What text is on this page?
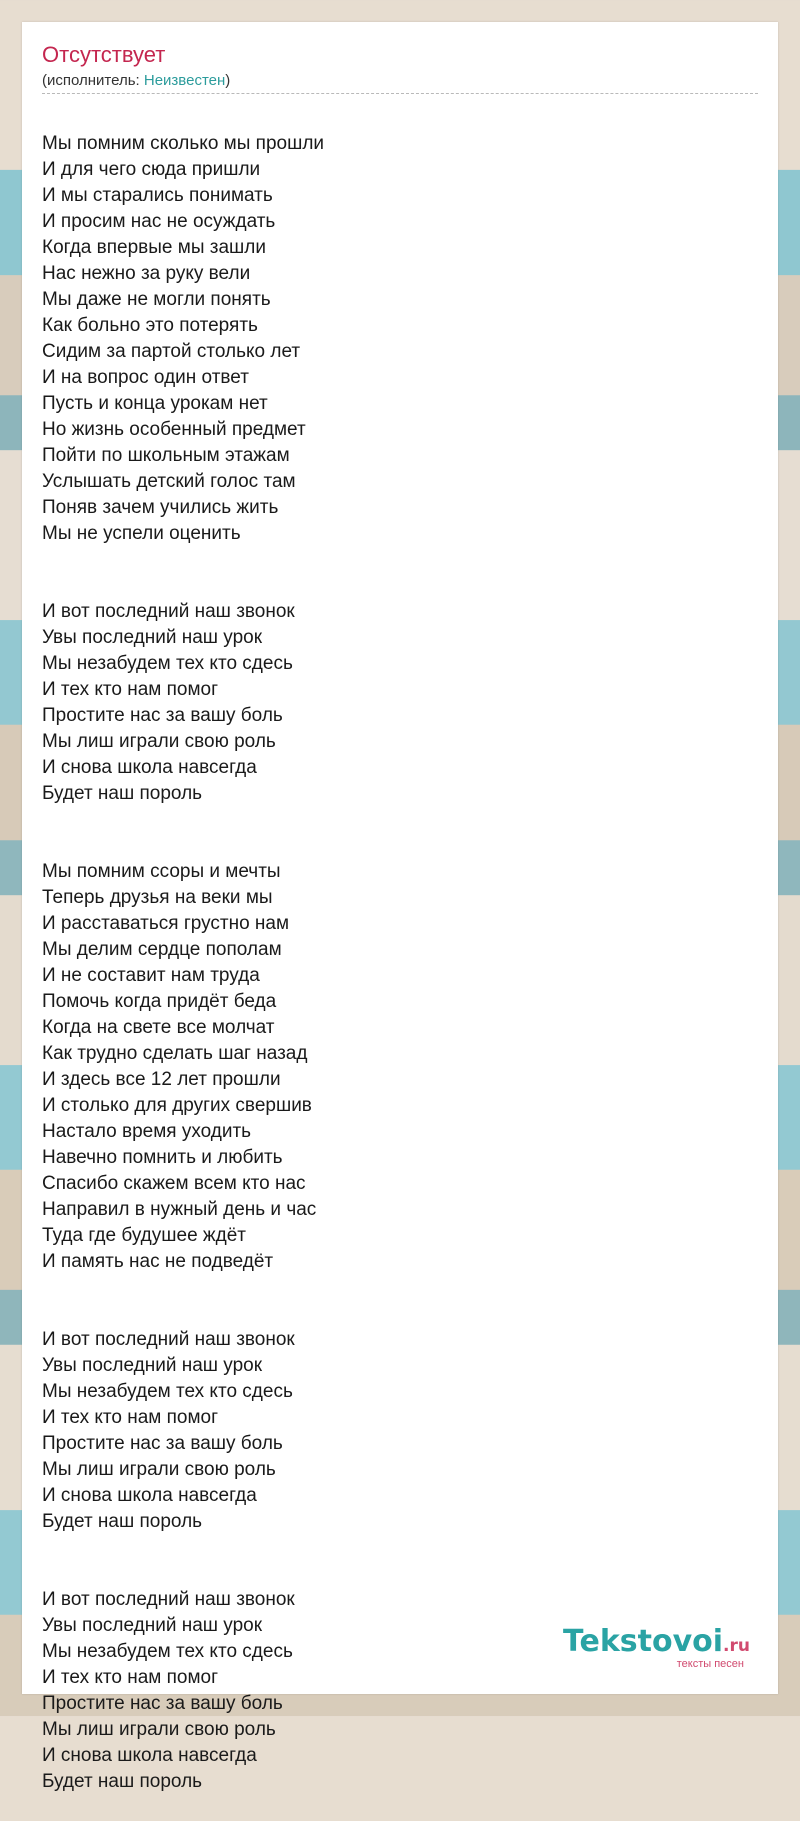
Отсутствует
(исполнитель: Неизвестен)

Мы помним сколько мы прошли
И для чего сюда пришли
И мы старались понимать
И просим нас не осуждать
Когда впервые мы зашли
Нас нежно за руку вели
Мы даже не могли понять
Как больно это потерять
Сидим за партой столько лет
И на вопрос один ответ
Пусть и конца урокам нет
Но жизнь особенный предмет
Пойти по школьным этажам
Услышать детский голос там
Поняв зачем учились жить
Мы не успели оценить

И вот последний наш звонок
Увы последний наш урок
Мы незабудем тех кто сдесь
И тех кто нам помог
Простите нас за вашу боль
Мы лиш играли свою роль
И снова школа навсегда
Будет наш пороль

Мы помним ссоры и мечты
Теперь друзья на веки мы
И расставаться грустно нам
Мы делим сердце пополам
И не составит нам труда
Помочь когда придёт беда
Когда на свете все молчат
Как трудно сделать шаг назад
И здесь все 12 лет прошли
И столько для других свершив
Настало время уходить
Навечно помнить и любить
Спасибо скажем всем кто нас
Направил в нужный день и час
Туда где будушее ждёт
И память нас не подведёт

И вот последний наш звонок
Увы последний наш урок
Мы незабудем тех кто сдесь
И тех кто нам помог
Простите нас за вашу боль
Мы лиш играли свою роль
И снова школа навсегда
Будет наш пороль

И вот последний наш звонок
Увы последний наш урок
Мы незабудем тех кто сдесь
И тех кто нам помог
Простите нас за вашу боль
Мы лиш играли свою роль
И снова школа навсегда
Будет наш пороль

Tekstovoi.ru
тексты песен
